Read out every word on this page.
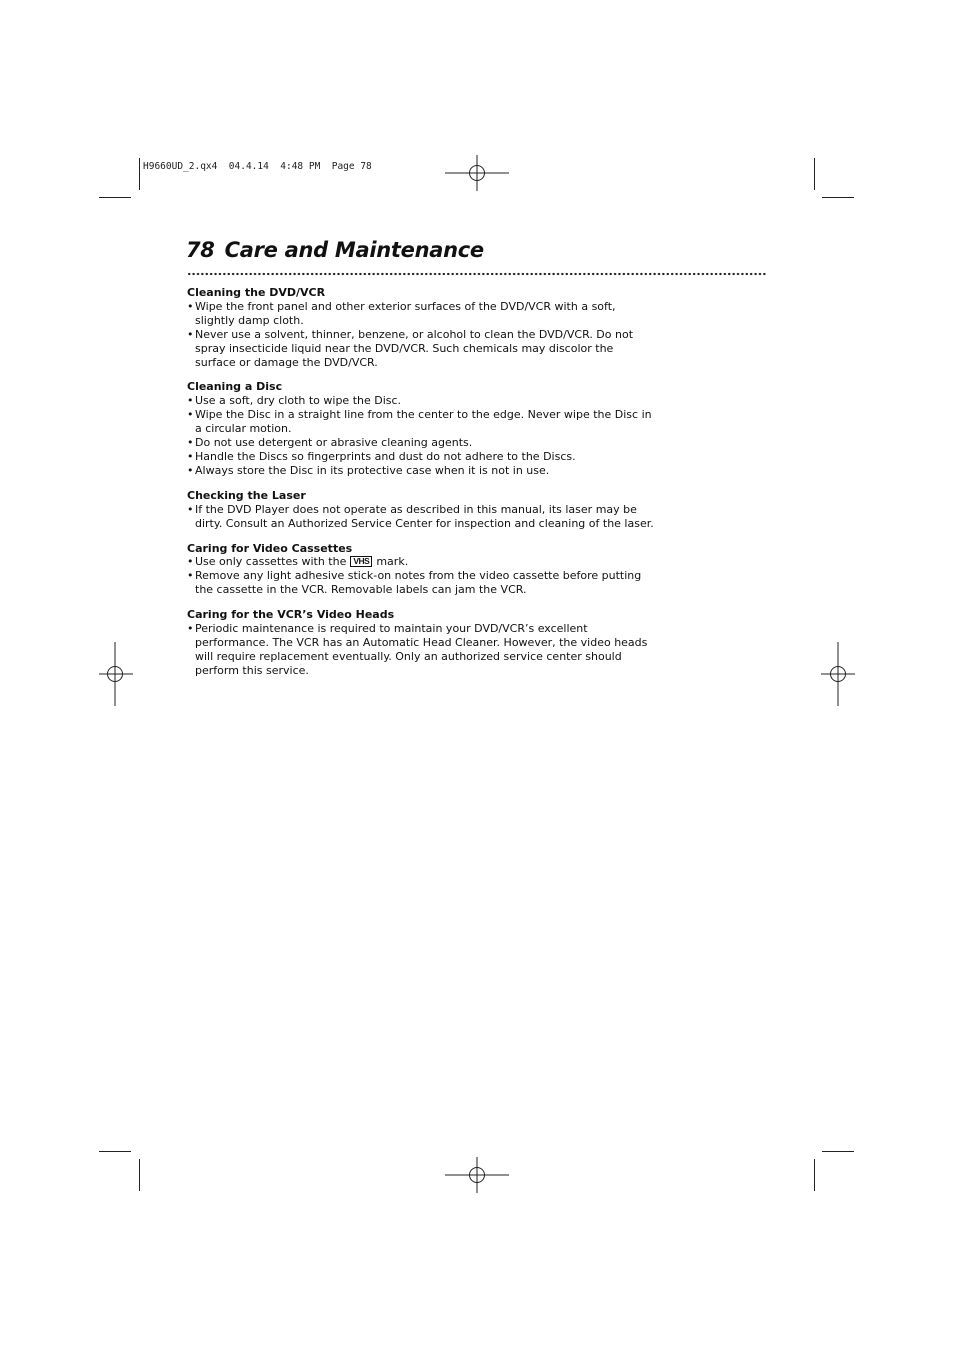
H9660UD_2.qx4  04.4.14  4:48 PM  Page 78
78 Care and Maintenance
Cleaning the DVD/VCR
• Wipe the front panel and other exterior surfaces of the DVD/VCR with a soft, slightly damp cloth.
• Never use a solvent, thinner, benzene, or alcohol to clean the DVD/VCR. Do not spray insecticide liquid near the DVD/VCR. Such chemicals may discolor the surface or damage the DVD/VCR.
Cleaning a Disc
• Use a soft, dry cloth to wipe the Disc.
• Wipe the Disc in a straight line from the center to the edge. Never wipe the Disc in a circular motion.
• Do not use detergent or abrasive cleaning agents.
• Handle the Discs so fingerprints and dust do not adhere to the Discs.
• Always store the Disc in its protective case when it is not in use.
Checking the Laser
• If the DVD Player does not operate as described in this manual, its laser may be dirty. Consult an Authorized Service Center for inspection and cleaning of the laser.
Caring for Video Cassettes
• Use only cassettes with the VHS mark.
• Remove any light adhesive stick-on notes from the video cassette before putting the cassette in the VCR. Removable labels can jam the VCR.
Caring for the VCR’s Video Heads
• Periodic maintenance is required to maintain your DVD/VCR’s excellent performance. The VCR has an Automatic Head Cleaner. However, the video heads will require replacement eventually. Only an authorized service center should perform this service.
